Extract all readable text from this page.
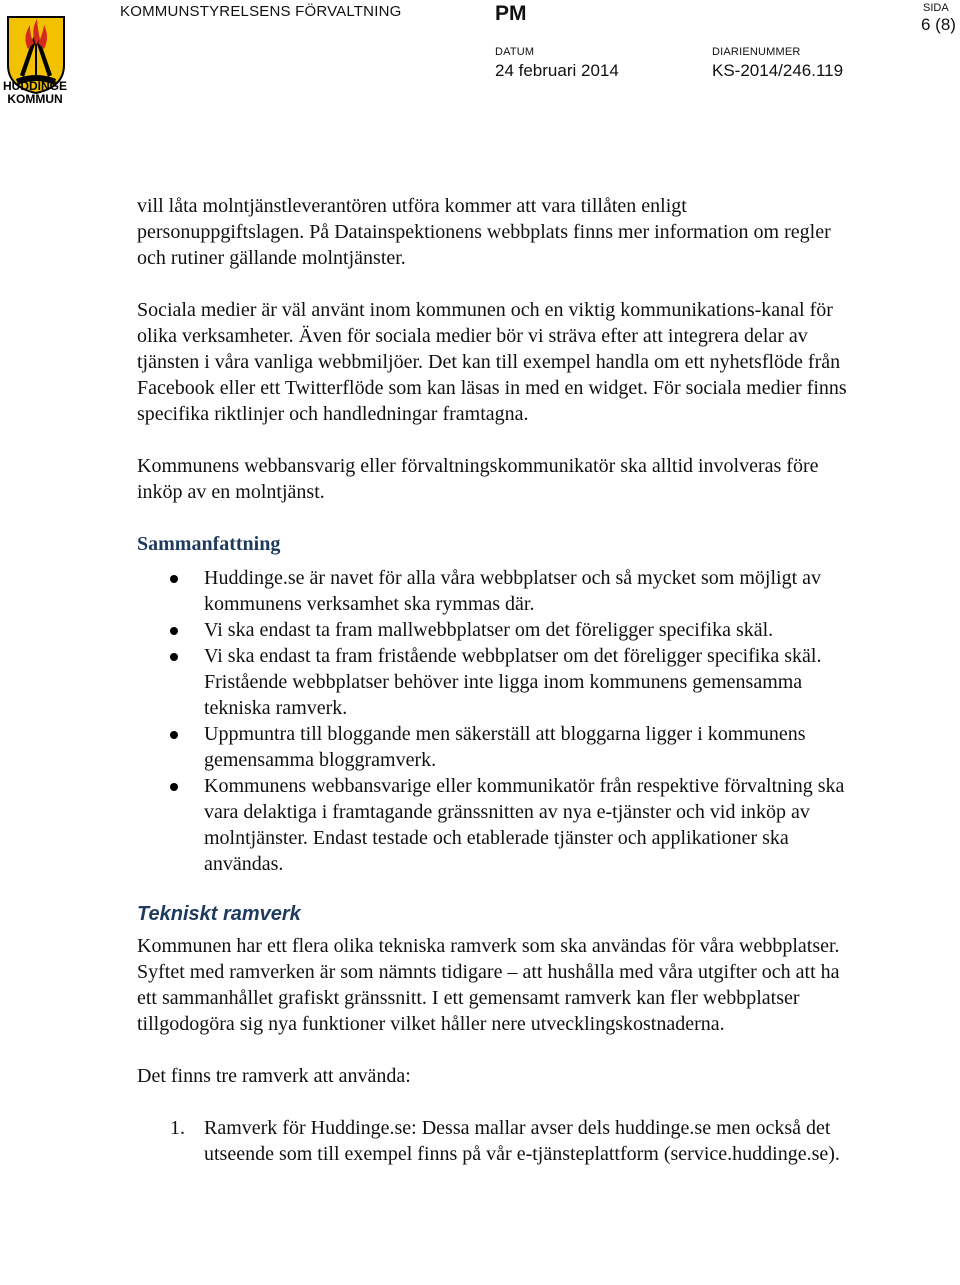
HUDDINGE KOMMUN
KOMMUNSTYRELSENS FÖRVALTNING	PM
DATUM
24 februari 2014
DIARIENUMMER
KS-2014/246.119
SIDA
6 (8)

vill låta molntjänstleverantören utföra kommer att vara tillåten enligt personuppgiftslagen. På Datainspektionens webbplats finns mer information om regler och rutiner gällande molntjänster.

Sociala medier är väl använt inom kommunen och en viktig kommunikations-kanal för olika verksamheter. Även för sociala medier bör vi sträva efter att integrera delar av tjänsten i våra vanliga webbmiljöer. Det kan till exempel handla om ett nyhetsflöde från Facebook eller ett Twitterflöde som kan läsas in med en widget. För sociala medier finns specifika riktlinjer och handledningar framtagna.

Kommunens webbansvarig eller förvaltningskommunikatör ska alltid involveras före inköp av en molntjänst.

Sammanfattning
Huddinge.se är navet för alla våra webbplatser och så mycket som möjligt av kommunens verksamhet ska rymmas där.
Vi ska endast ta fram mallwebbplatser om det föreligger specifika skäl.
Vi ska endast ta fram fristående webbplatser om det föreligger specifika skäl. Fristående webbplatser behöver inte ligga inom kommunens gemensamma tekniska ramverk.
Uppmuntra till bloggande men säkerställ att bloggarna ligger i kommunens gemensamma bloggramverk.
Kommunens webbansvarige eller kommunikatör från respektive förvaltning ska vara delaktiga i framtagande gränssnitten av nya e-tjänster och vid inköp av molntjänster. Endast testade och etablerade tjänster och applikationer ska användas.
Tekniskt ramverk

Kommunen har ett flera olika tekniska ramverk som ska användas för våra webbplatser. Syftet med ramverken är som nämnts tidigare – att hushålla med våra utgifter och att ha ett sammanhållet grafiskt gränssnitt. I ett gemensamt ramverk kan fler webbplatser tillgodogöra sig nya funktioner vilket håller nere utvecklingskostnaderna.

Det finns tre ramverk att använda:

1. Ramverk för Huddinge.se: Dessa mallar avser dels huddinge.se men också det utseende som till exempel finns på vår e-tjänsteplattform (service.huddinge.se).
